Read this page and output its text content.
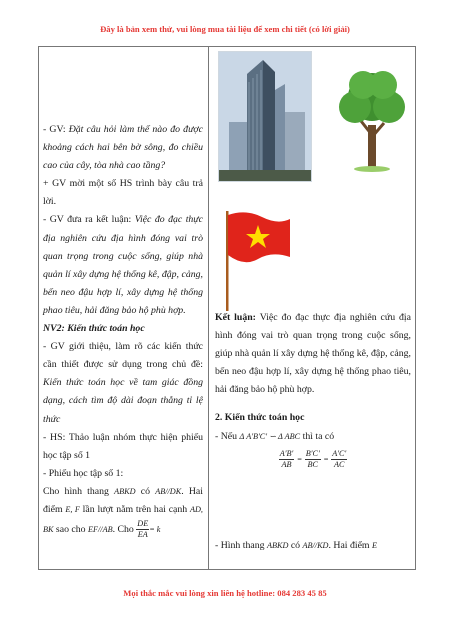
Đây là bản xem thử, vui lòng mua tài liệu để xem chi tiết (có lời giải)

- GV: Đặt câu hỏi làm thế nào đo được khoảng cách hai bên bờ sông, đo chiều cao của cây, tòa nhà cao tầng?

+ GV mời một số HS trình bày câu trả lời.

- GV đưa ra kết luận: Việc đo đạc thực địa nghiên cứu địa hình đóng vai trò quan trọng trong cuộc sống, giúp nhà quản lí xây dựng hệ thống kê, đập, cảng, bến neo đậu hợp lí, xây dựng hệ thống phao tiêu, hải đăng bảo hộ phù hợp.

NV2: Kiến thức toán học

- GV giới thiệu, làm rõ các kiến thức cần thiết được sử dụng trong chủ đề: Kiến thức toán học về tam giác đồng dạng, cách tìm độ dài đoạn thẳng tỉ lệ thức

- HS: Thảo luận nhóm thực hiện phiếu học tập số 1

- Phiếu học tập số 1:

Cho hình thang ABKD có AB//DK. Hai điểm E, F lần lượt nằm trên hai cạnh AD, BK sao cho EF//AB. Cho $\frac{DE}{EA} = k$

Kết luận: Việc đo đạc thực địa nghiên cứu địa hình đóng vai trò quan trọng trong cuộc sống, giúp nhà quản lí xây dựng hệ thống kê, đập, cảng, bến neo đậu hợp lí, xây dựng hệ thống phao tiêu, hải đăng bảo hộ phù hợp.

2. Kiến thức toán học

- Nếu Δ A′B′C′ ∽ Δ ABC thì ta có

$\frac{A'B'}{AB} = \frac{B'C'}{BC} = \frac{A'C'}{AC}$

- Hình thang ABKD có AB//KD. Hai điểm E

Mọi thắc mắc vui lòng xin liên hệ hotline: 084 283 45 85
